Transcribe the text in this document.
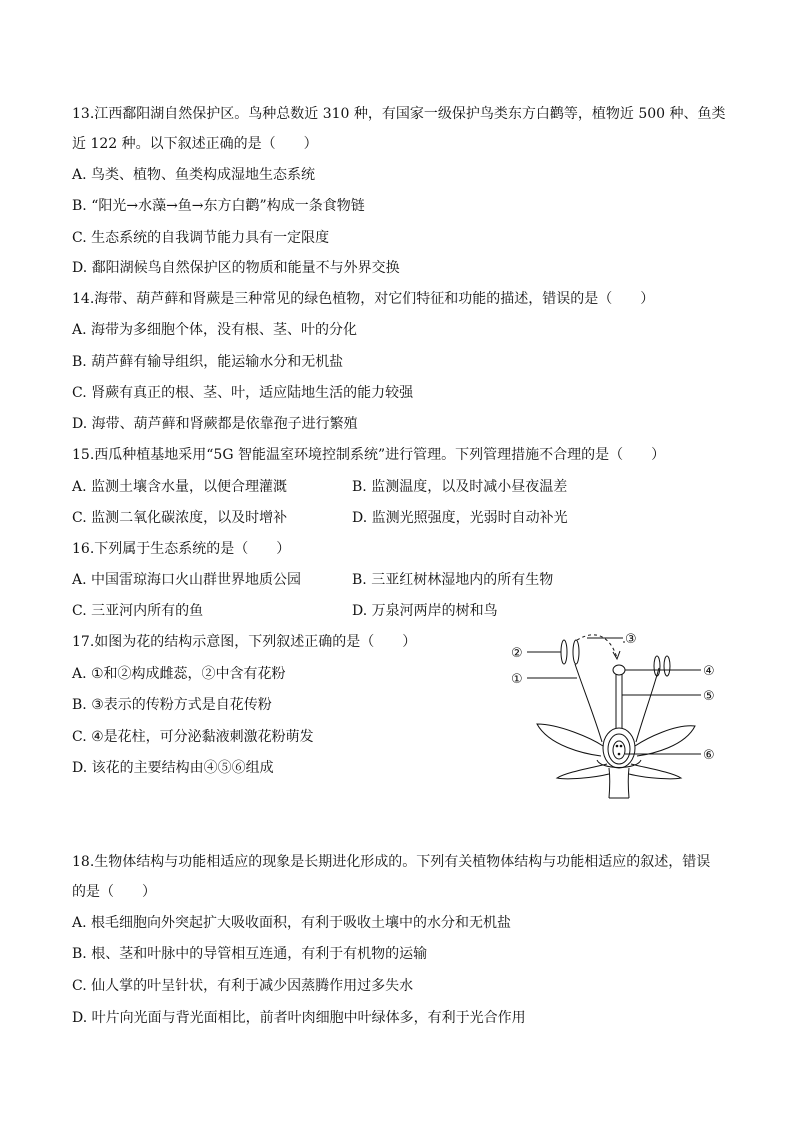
13.江西鄱阳湖自然保护区。鸟种总数近 310 种，有国家一级保护鸟类东方白鹳等，植物近 500 种、鱼类
近 122 种。以下叙述正确的是（　　）
A. 鸟类、植物、鱼类构成湿地生态系统
B. “阳光→水藻→鱼→东方白鹳”构成一条食物链
C. 生态系统的自我调节能力具有一定限度
D. 鄱阳湖候鸟自然保护区的物质和能量不与外界交换
14.海带、葫芦藓和肾蕨是三种常见的绿色植物，对它们特征和功能的描述，错误的是（　　）
A. 海带为多细胞个体，没有根、茎、叶的分化
B. 葫芦藓有输导组织，能运输水分和无机盐
C. 肾蕨有真正的根、茎、叶，适应陆地生活的能力较强
D. 海带、葫芦藓和肾蕨都是依靠孢子进行繁殖
15.西瓜种植基地采用“5G 智能温室环境控制系统”进行管理。下列管理措施不合理的是（　　）
A. 监测土壤含水量，以便合理灌溉	B. 监测温度，以及时减小昼夜温差
C. 监测二氧化碳浓度，以及时增补	D. 监测光照强度，光弱时自动补光
16.下列属于生态系统的是（　　）
A. 中国雷琼海口火山群世界地质公园	B. 三亚红树林湿地内的所有生物
C. 三亚河内所有的鱼	D. 万泉河两岸的树和鸟
17.如图为花的结构示意图，下列叙述正确的是（　　）
A. ①和②构成雌蕊，②中含有花粉
B. ③表示的传粉方式是自花传粉
C. ④是花柱，可分泌黏液刺激花粉萌发
D. 该花的主要结构由④⑤⑥组成
②
③
①
④
⑤
⑥
18.生物体结构与功能相适应的现象是长期进化形成的。下列有关植物体结构与功能相适应的叙述，错误
的是（　　）
A. 根毛细胞向外突起扩大吸收面积，有利于吸收土壤中的水分和无机盐
B. 根、茎和叶脉中的导管相互连通，有利于有机物的运输
C. 仙人掌的叶呈针状，有利于减少因蒸腾作用过多失水
D. 叶片向光面与背光面相比，前者叶肉细胞中叶绿体多，有利于光合作用
